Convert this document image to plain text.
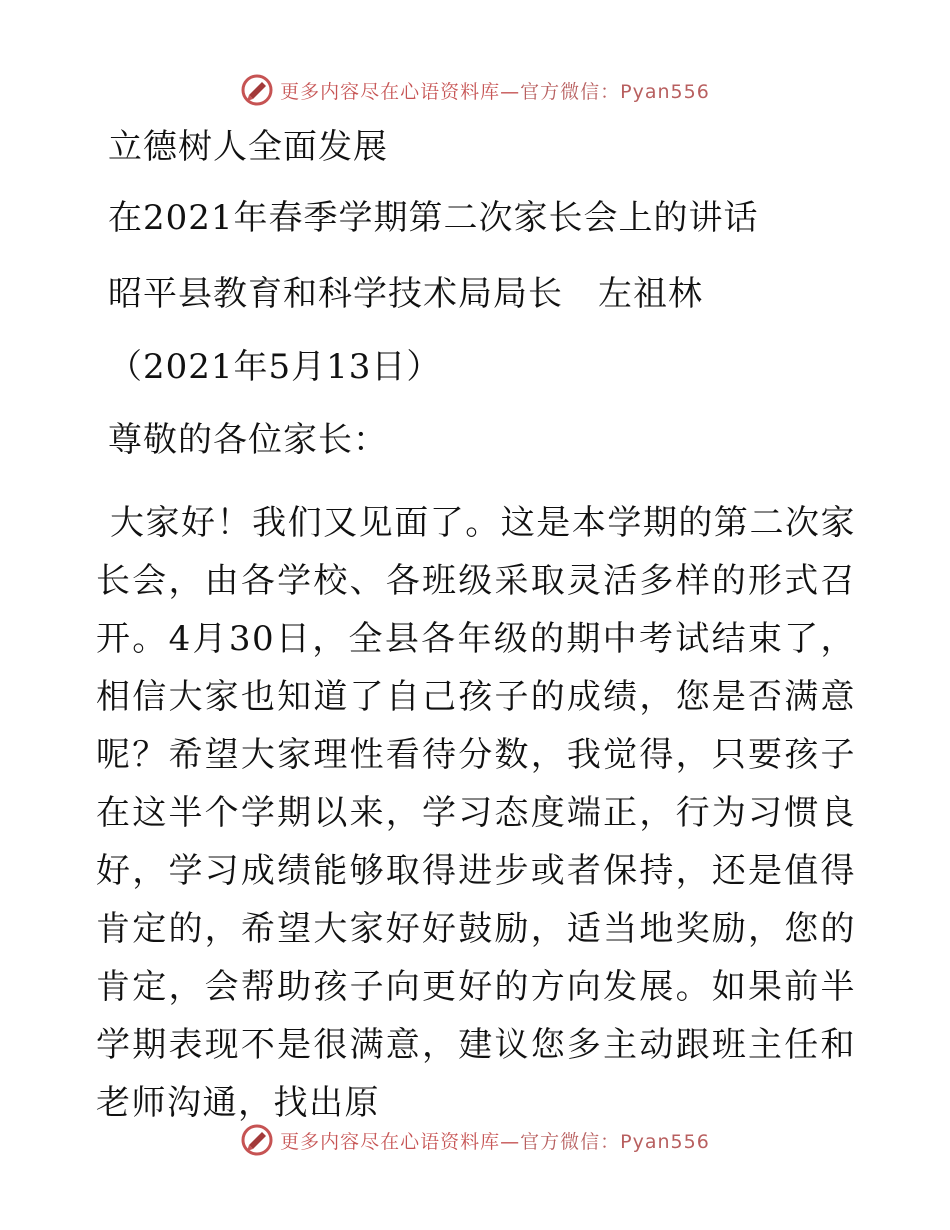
更多内容尽在心语资料库—官方微信：Pyan556
立德树人全面发展
在2021年春季学期第二次家长会上的讲话
昭平县教育和科学技术局局长　左祖林
（2021年5月13日）
尊敬的各位家长：
大家好！我们又见面了。这是本学期的第二次家长会，由各学校、各班级采取灵活多样的形式召开。4月30日，全县各年级的期中考试结束了，相信大家也知道了自己孩子的成绩，您是否满意呢？希望大家理性看待分数，我觉得，只要孩子在这半个学期以来，学习态度端正，行为习惯良好，学习成绩能够取得进步或者保持，还是值得肯定的，希望大家好好鼓励，适当地奖励，您的肯定，会帮助孩子向更好的方向发展。如果前半学期表现不是很满意，建议您多主动跟班主任和老师沟通，找出原
更多内容尽在心语资料库—官方微信：Pyan556
